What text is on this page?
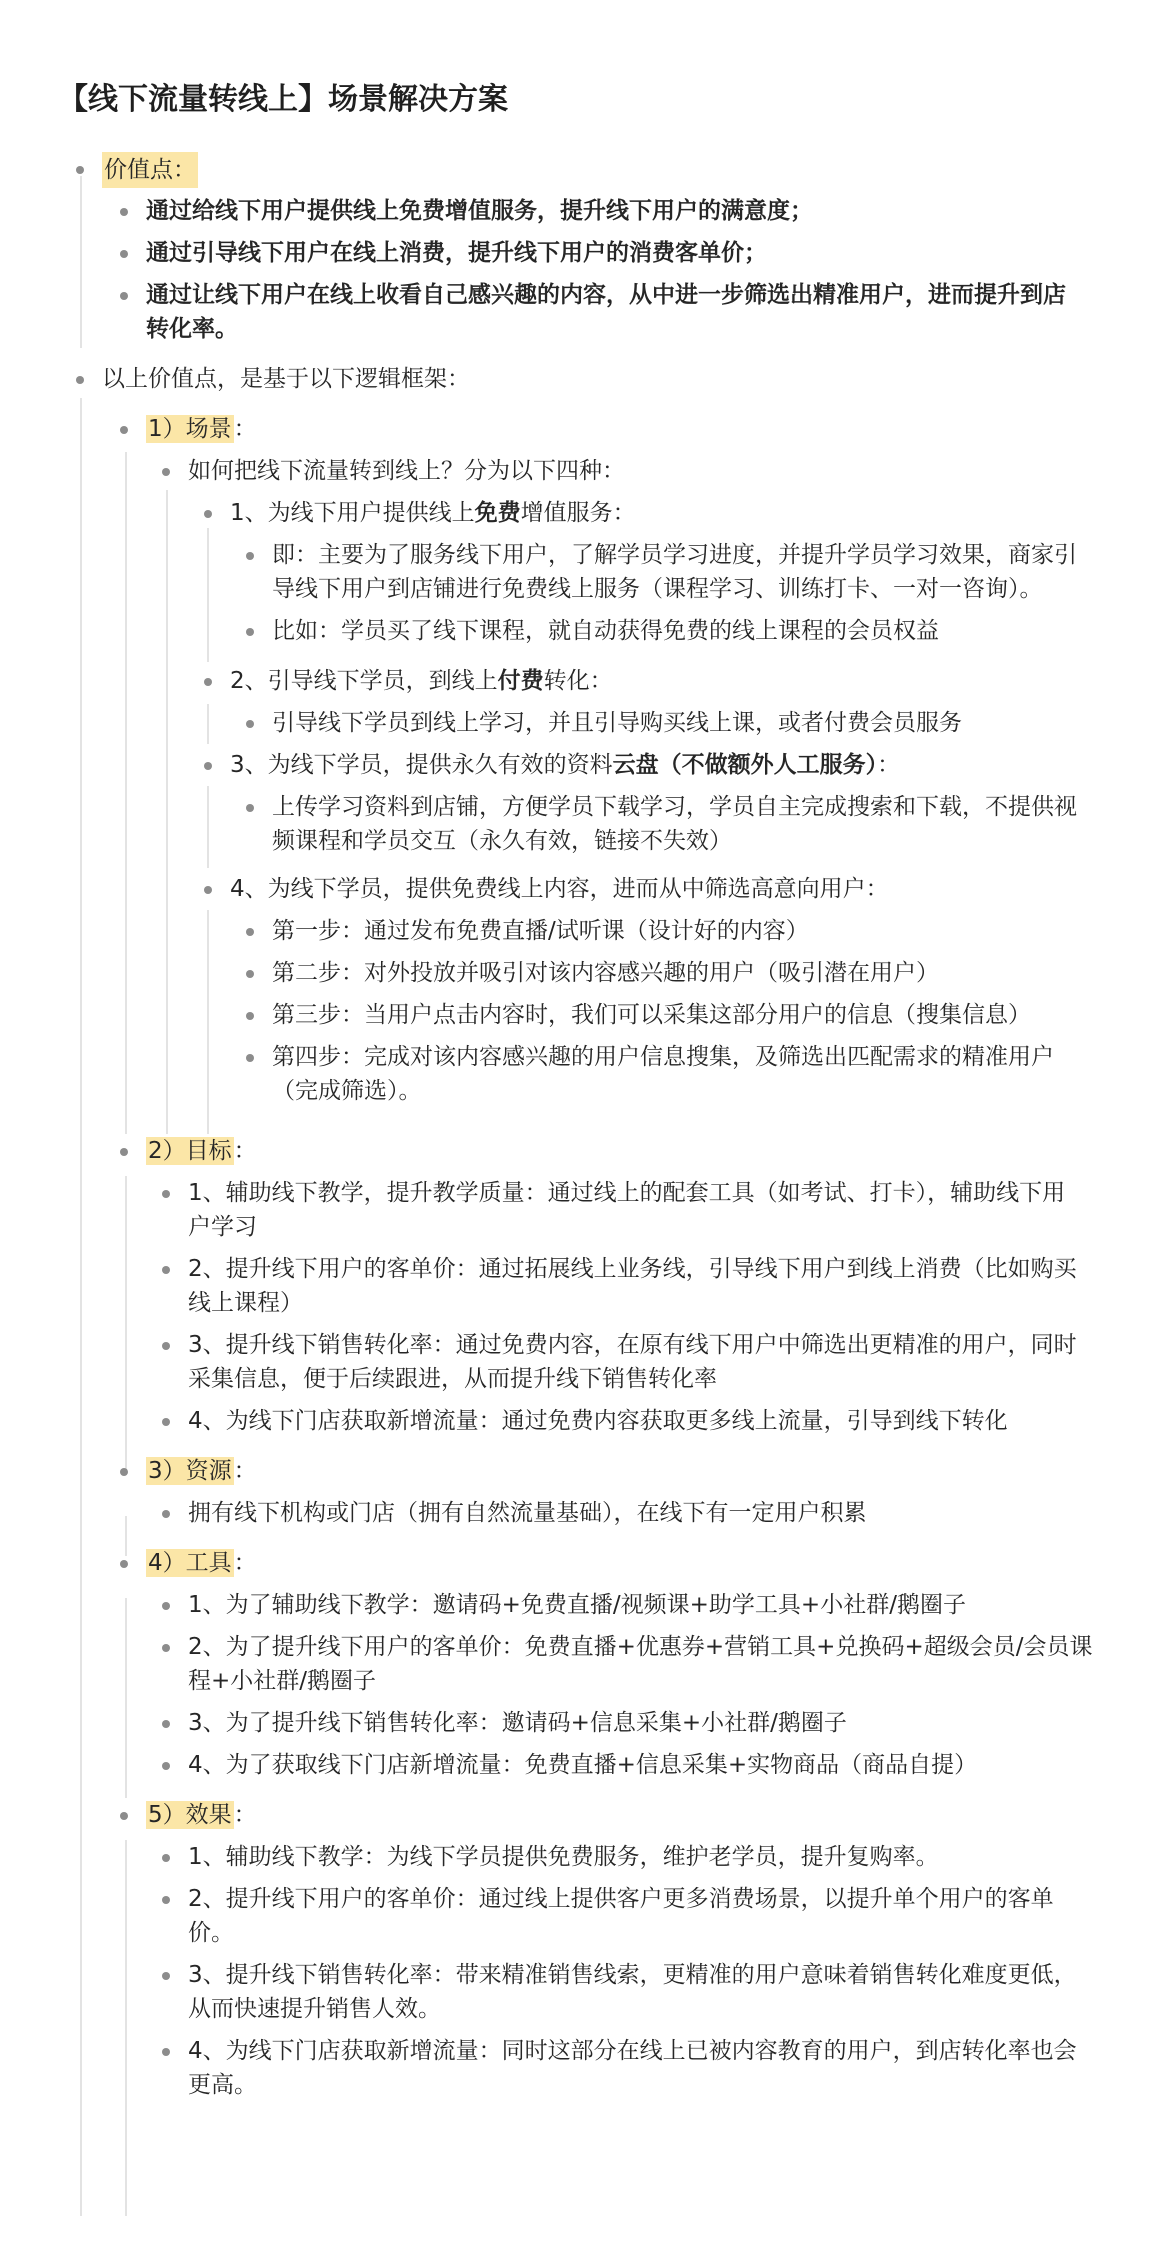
【线下流量转线上】场景解决方案
价值点：
通过给线下用户提供线上免费增值服务，提升线下用户的满意度；
通过引导线下用户在线上消费，提升线下用户的消费客单价；
通过让线下用户在线上收看自己感兴趣的内容，从中进一步筛选出精准用户，进而提升到店
转化率。
以上价值点，是基于以下逻辑框架：
1）场景：
如何把线下流量转到线上？分为以下四种：
1、为线下用户提供线上免费增值服务：
即：主要为了服务线下用户，了解学员学习进度，并提升学员学习效果，商家引
导线下用户到店铺进行免费线上服务（课程学习、训练打卡、一对一咨询）。
比如：学员买了线下课程，就自动获得免费的线上课程的会员权益
2、引导线下学员，到线上付费转化：
引导线下学员到线上学习，并且引导购买线上课，或者付费会员服务
3、为线下学员，提供永久有效的资料云盘（不做额外人工服务）：
上传学习资料到店铺，方便学员下载学习，学员自主完成搜索和下载，不提供视
频课程和学员交互（永久有效，链接不失效）
4、为线下学员，提供免费线上内容，进而从中筛选高意向用户：
第一步：通过发布免费直播/试听课（设计好的内容）
第二步：对外投放并吸引对该内容感兴趣的用户（吸引潜在用户）
第三步：当用户点击内容时，我们可以采集这部分用户的信息（搜集信息）
第四步：完成对该内容感兴趣的用户信息搜集，及筛选出匹配需求的精准用户
（完成筛选）。
2）目标：
1、辅助线下教学，提升教学质量：通过线上的配套工具（如考试、打卡），辅助线下用
户学习
2、提升线下用户的客单价：通过拓展线上业务线，引导线下用户到线上消费（比如购买
线上课程）
3、提升线下销售转化率：通过免费内容，在原有线下用户中筛选出更精准的用户，同时
采集信息，便于后续跟进，从而提升线下销售转化率
4、为线下门店获取新增流量：通过免费内容获取更多线上流量，引导到线下转化
3）资源：
拥有线下机构或门店（拥有自然流量基础），在线下有一定用户积累
4）工具：
1、为了辅助线下教学：邀请码+免费直播/视频课+助学工具+小社群/鹅圈子
2、为了提升线下用户的客单价：免费直播+优惠券+营销工具+兑换码+超级会员/会员课
程+小社群/鹅圈子
3、为了提升线下销售转化率：邀请码+信息采集+小社群/鹅圈子
4、为了获取线下门店新增流量：免费直播+信息采集+实物商品（商品自提）
5）效果：
1、辅助线下教学：为线下学员提供免费服务，维护老学员，提升复购率。
2、提升线下用户的客单价：通过线上提供客户更多消费场景，以提升单个用户的客单
价。
3、提升线下销售转化率：带来精准销售线索，更精准的用户意味着销售转化难度更低，
从而快速提升销售人效。
4、为线下门店获取新增流量：同时这部分在线上已被内容教育的用户，到店转化率也会
更高。
